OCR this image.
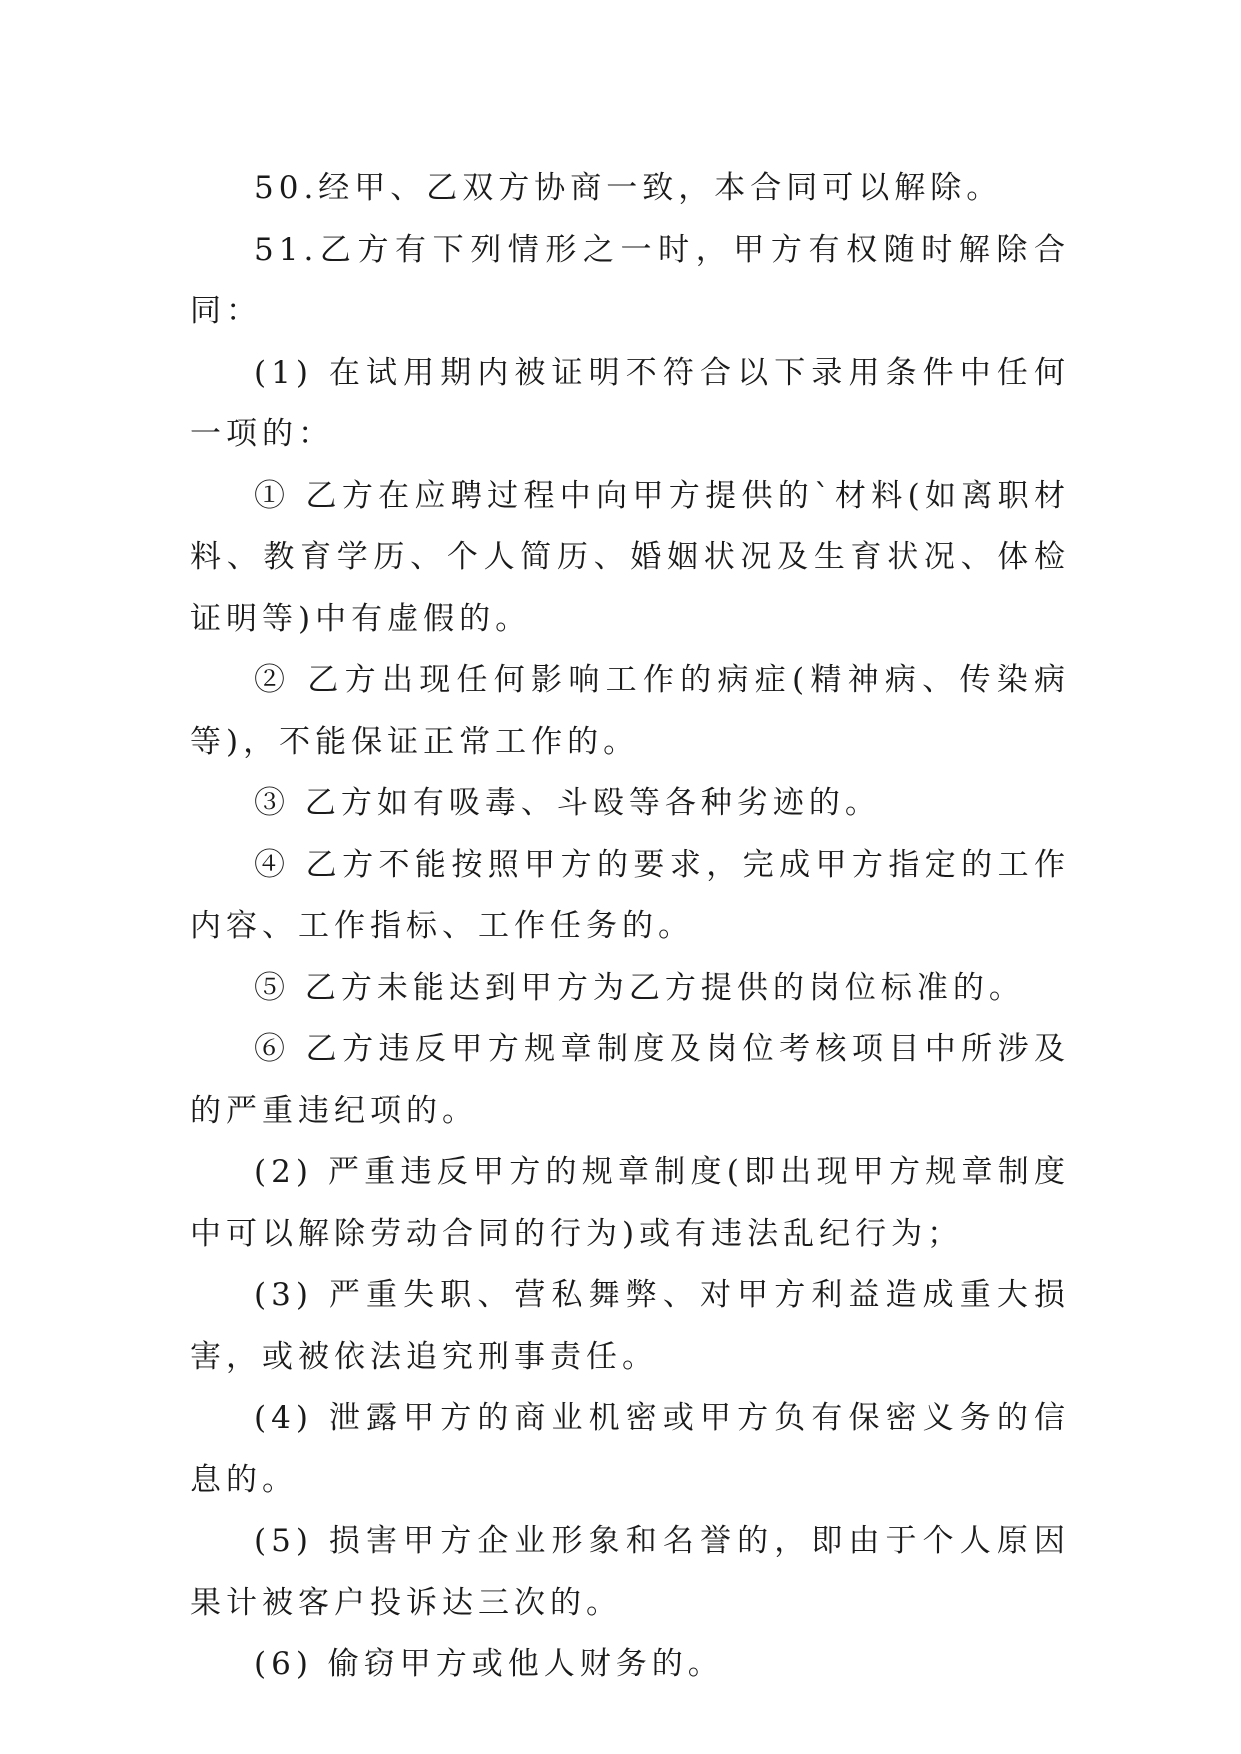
50.经甲、乙双方协商一致，本合同可以解除。

51.乙方有下列情形之一时，甲方有权随时解除合同：

(1) 在试用期内被证明不符合以下录用条件中任何一项的：

① 乙方在应聘过程中向甲方提供的`材料(如离职材料、教育学历、个人简历、婚姻状况及生育状况、体检证明等)中有虚假的。

② 乙方出现任何影响工作的病症(精神病、传染病等)，不能保证正常工作的。

③ 乙方如有吸毒、斗殴等各种劣迹的。

④ 乙方不能按照甲方的要求，完成甲方指定的工作内容、工作指标、工作任务的。

⑤ 乙方未能达到甲方为乙方提供的岗位标准的。

⑥ 乙方违反甲方规章制度及岗位考核项目中所涉及的严重违纪项的。

(2) 严重违反甲方的规章制度(即出现甲方规章制度中可以解除劳动合同的行为)或有违法乱纪行为；

(3) 严重失职、营私舞弊、对甲方利益造成重大损害，或被依法追究刑事责任。

(4) 泄露甲方的商业机密或甲方负有保密义务的信息的。

(5) 损害甲方企业形象和名誉的，即由于个人原因果计被客户投诉达三次的。

(6) 偷窃甲方或他人财务的。
